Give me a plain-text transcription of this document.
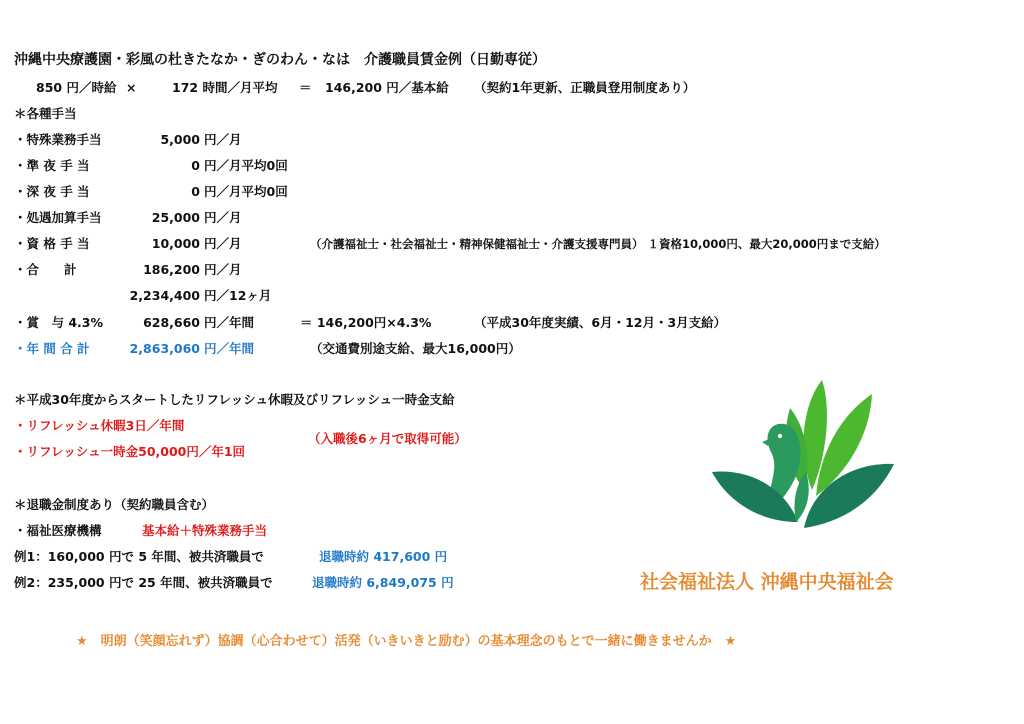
沖縄中央療護園・彩風の杜きたなか・ぎのわん・なは　介護職員賃金例（日勤専従）
850 円／時給 ×	172 時間／月平均 ＝ 146,200 円／基本給 （契約1年更新、正職員登用制度あり）
＊各種手当
・特殊業務手当	5,000 円／月
・準 夜 手 当	0 円／月平均0回
・深 夜 手 当	0 円／月平均0回
・処遇加算手当	25,000 円／月
・資 格 手 当	10,000 円／月	（介護福祉士・社会福祉士・精神保健福祉士・介護支援専門員） １資格10,000円、最大20,000円まで支給）
・合　　計	186,200 円／月
2,234,400 円／12ヶ月
・賞　与 4.3%	628,660 円／年間	＝ 146,200円×4.3%	（平成30年度実績、6月・12月・3月支給）
・年 間 合 計	2,863,060 円／年間	（交通費別途支給、最大16,000円）
＊平成30年度からスタートしたリフレッシュ休暇及びリフレッシュ一時金支給
・リフレッシュ休暇3日／年間
・リフレッシュ一時金50,000円／年1回
（入職後6ヶ月で取得可能）
＊退職金制度あり（契約職員含む）
・福祉医療機構	基本給＋特殊業務手当
例1：160,000 円で 5 年間、被共済職員で	退職時約 417,600 円
例2：235,000 円で 25 年間、被共済職員で	退職時約 6,849,075 円	社会福祉法人 沖縄中央福祉会
★　明朗（笑顔忘れず）協調（心合わせて）活発（いきいきと励む）の基本理念のもとで一緒に働きませんか　★
